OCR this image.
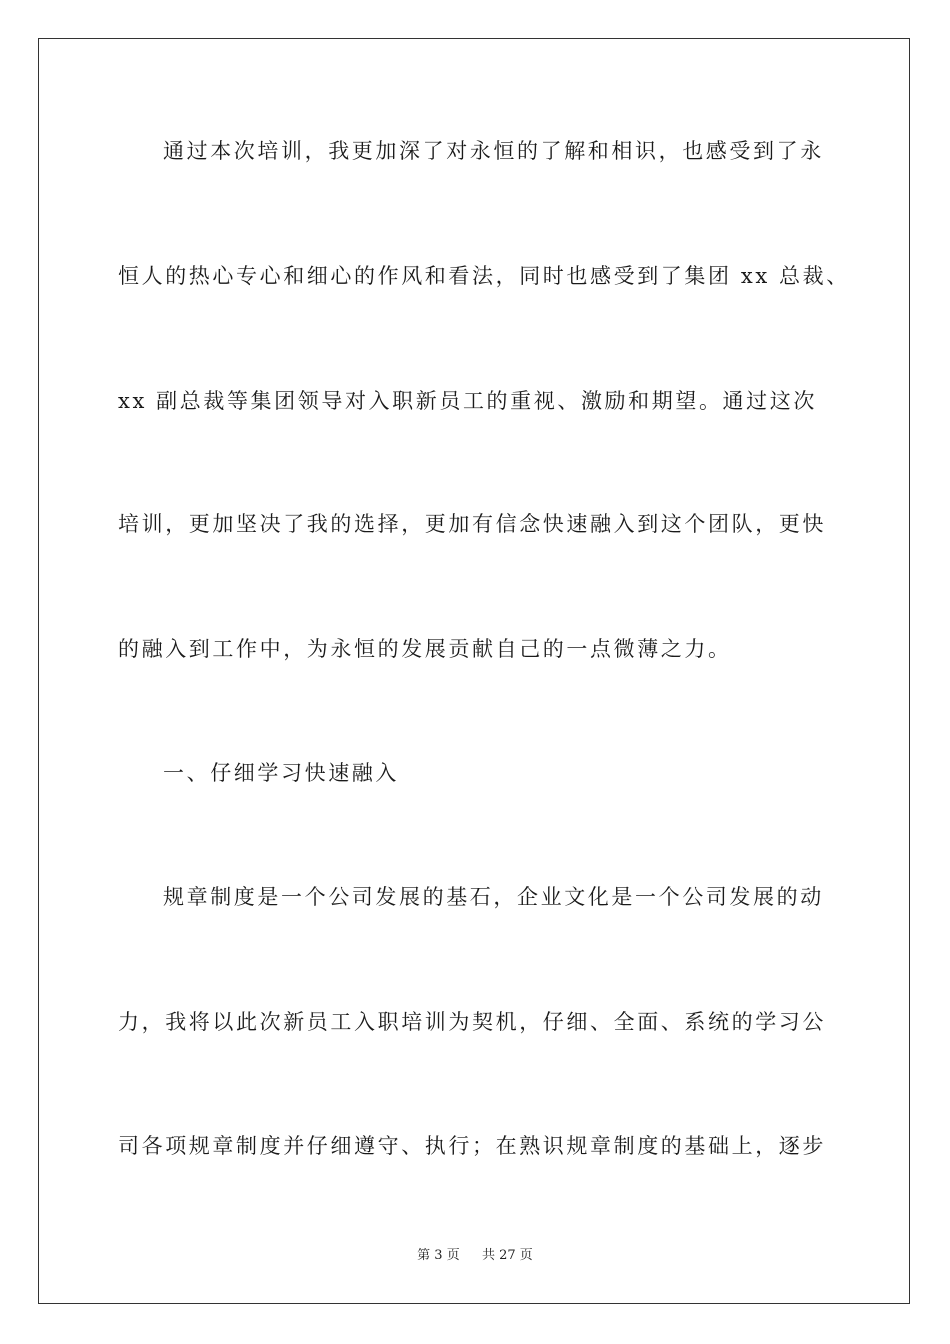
通过本次培训，我更加深了对永恒的了解和相识，也感受到了永
恒人的热心专心和细心的作风和看法，同时也感受到了集团 xx 总裁、
xx 副总裁等集团领导对入职新员工的重视、激励和期望。通过这次
培训，更加坚决了我的选择，更加有信念快速融入到这个团队，更快
的融入到工作中，为永恒的发展贡献自己的一点微薄之力。
一、仔细学习快速融入
规章制度是一个公司发展的基石，企业文化是一个公司发展的动
力，我将以此次新员工入职培训为契机，仔细、全面、系统的学习公
司各项规章制度并仔细遵守、执行；在熟识规章制度的基础上，逐步
第 3 页 共 27 页
